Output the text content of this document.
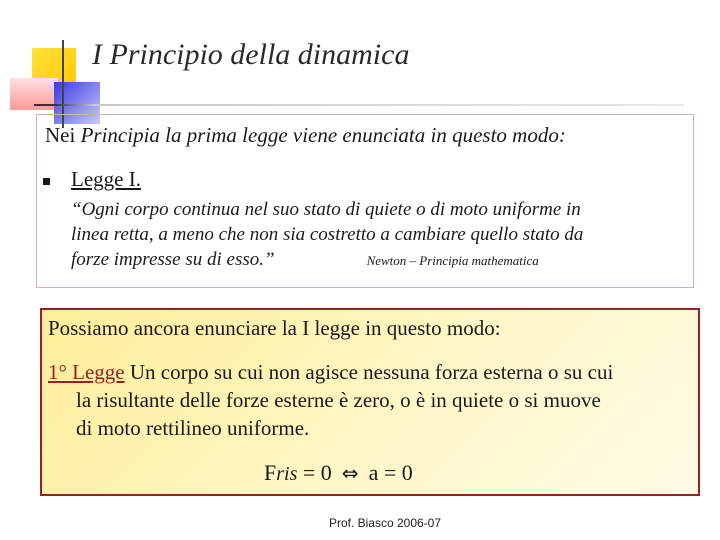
I Principio della dinamica
Nei Principia la prima legge viene enunciata in questo modo:
Legge I.
“Ogni corpo continua nel suo stato di quiete o di moto uniforme in
linea retta, a meno che non sia costretto a cambiare quello stato da
forze impresse su di esso.”	Newton – Principia mathematica
Possiamo ancora enunciare la I legge in questo modo:
1° Legge Un corpo su cui non agisce nessuna forza esterna o su cui
la risultante delle forze esterne è zero, o è in quiete o si muove
di moto rettilineo uniforme.
Fris = 0 ⇔ a = 0
Prof. Biasco 2006-07
